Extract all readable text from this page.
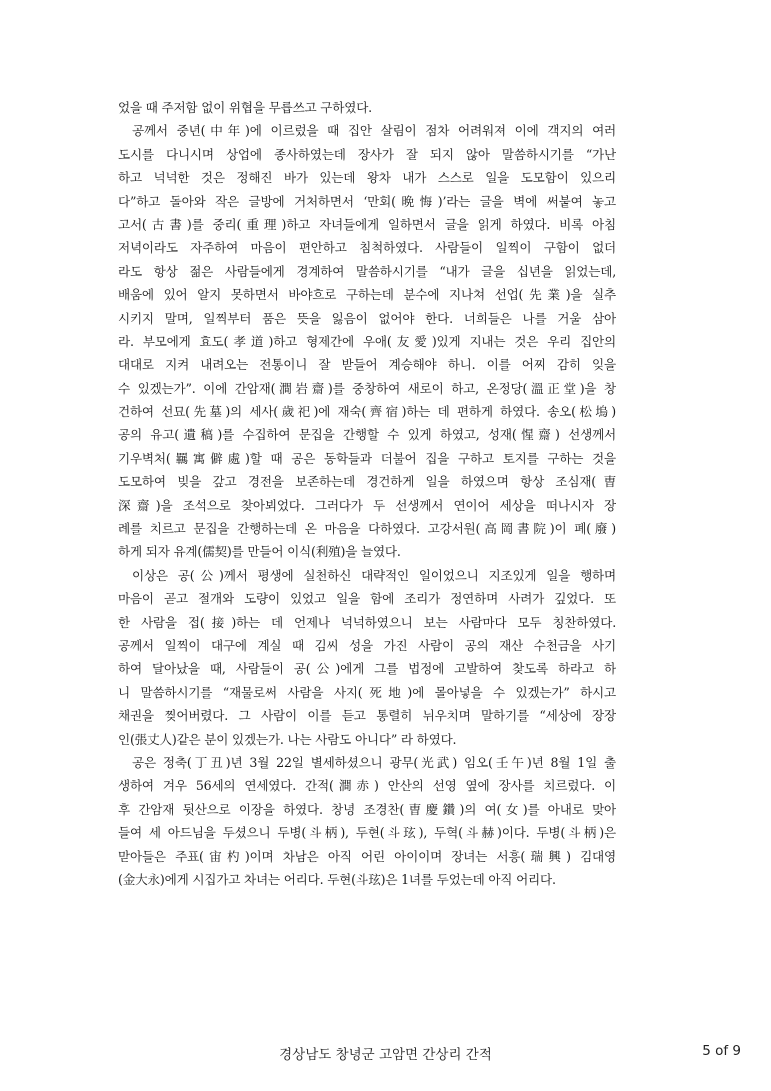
었을 때 주저함 없이 위협을 무릅쓰고 구하였다.
공께서 중년(中年)에 이르렀을 때 집안 살림이 점차 어려워져 이에 객지의 여러
도시를 다니시며 상업에 종사하였는데 장사가 잘 되지 않아 말씀하시기를 “가난
하고 넉넉한 것은 정해진 바가 있는데 왕차 내가 스스로 일을 도모함이 있으리
다”하고 돌아와 작은 글방에 거처하면서 ‘만회(晩悔)’라는 글을 벽에 써붙여 놓고
고서(古書)를 중리(重理)하고 자녀들에게 일하면서 글을 읽게 하였다. 비록 아침
저녁이라도 자주하여 마음이 편안하고 침척하였다. 사람들이 일찍이 구함이 없더
라도 항상 젊은 사람들에게 경계하여 말씀하시기를 “내가 글을 십년을 읽었는데,
배움에 있어 알지 못하면서 바야흐로 구하는데 분수에 지나쳐 선업(先業)을 실추
시키지 말며, 일찍부터 품은 뜻을 잃음이 없어야 한다. 너희들은 나를 거울 삼아
라. 부모에게 효도(孝道)하고 형제간에 우애(友愛)있게 지내는 것은 우리 집안의
대대로 지켜 내려오는 전통이니 잘 받들어 계승해야 하니. 이를 어찌 감히 잊을
수 있겠는가”. 이에 간암재(澗岩齋)를 중창하여 새로이 하고, 온정당(溫正堂)을 창
건하여 선묘(先墓)의 세사(歲祀)에 재숙(齊宿)하는 데 편하게 하였다. 송오(松塢)
공의 유고(遺稿)를 수집하여 문집을 간행할 수 있게 하였고, 성재(惺齋) 선생께서
기우벽처(羈寓僻處)할 때 공은 동학들과 더불어 집을 구하고 토지를 구하는 것을
도모하여 빚을 갚고 경전을 보존하는데 경건하게 일을 하였으며 항상 조심재(曺
深齋)을 조석으로 찾아뵈었다. 그러다가 두 선생께서 연이어 세상을 떠나시자 장
례를 치르고 문집을 간행하는데 온 마음을 다하였다. 고강서원(高岡書院)이 폐(廢)
하게 되자 유계(儒契)를 만들어 이식(利殖)을 늘였다.
이상은 공(公)께서 평생에 실천하신 대략적인 일이었으니 지조있게 일을 행하며
마음이 곧고 절개와 도량이 있었고 일을 함에 조리가 정연하며 사려가 깊었다. 또
한 사람을 접(接)하는 데 언제나 넉넉하였으니 보는 사람마다 모두 칭찬하였다.
공께서 일찍이 대구에 계실 때 김씨 성을 가진 사람이 공의 재산 수천금을 사기
하여 달아났을 때, 사람들이 공(公)에게 그를 법정에 고발하여 찾도록 하라고 하
니 말씀하시기를 “재물로써 사람을 사지(死地)에 몰아넣을 수 있겠는가” 하시고
채권을 찢어버렸다. 그 사람이 이를 듣고 통렬히 뉘우치며 말하기를 “세상에 장장
인(張丈人)같은 분이 있겠는가. 나는 사람도 아니다” 라 하였다.
공은 정축(丁丑)년 3월 22일 별세하셨으니 광무(光武) 임오(壬午)년 8월 1일 출
생하여 겨우 56세의 연세였다. 간적(澗赤) 안산의 선영 옆에 장사를 치르렀다. 이
후 간암재 뒷산으로 이장을 하였다. 창녕 조경찬(曺慶鑽)의 여(女)를 아내로 맞아
들여 세 아드님을 두셨으니 두병(斗柄), 두현(斗玹), 두혁(斗赫)이다. 두병(斗柄)은
맏아들은 주표(宙杓)이며 차남은 아직 어린 아이이며 장녀는 서흥(瑞興) 김대영
(金大永)에게 시집가고 차녀는 어리다. 두현(斗玹)은 1녀를 두었는데 아직 어리다.
경상남도 창녕군 고암면 간상리 간적	5 of 9
